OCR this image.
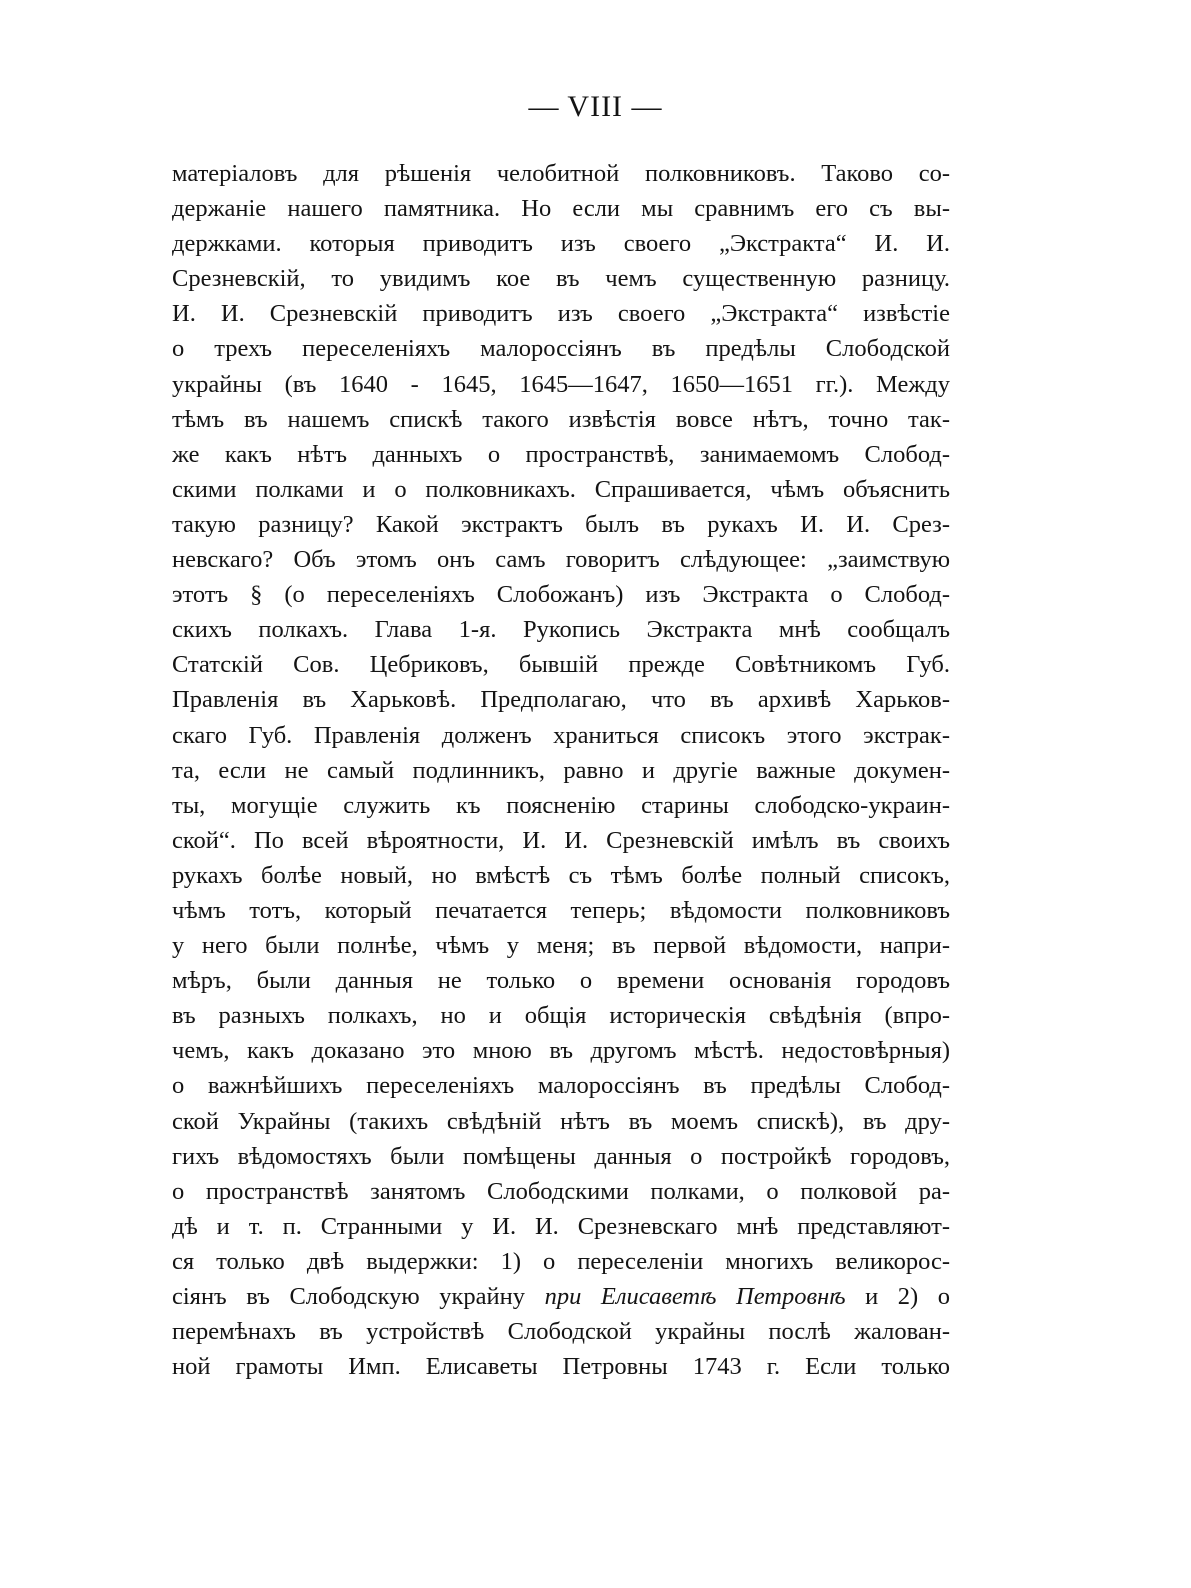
— VIII —
матеріаловъ для рѣшенія челобитной полковниковъ. Таково со-
держаніе нашего памятника. Но если мы сравнимъ его съ вы-
держками. которыя приводитъ изъ своего „Экстракта“ И. И.
Срезневскій, то увидимъ кое въ чемъ существенную разницу.
И. И. Срезневскій приводитъ изъ своего „Экстракта“ извѣстіе
о трехъ переселеніяхъ малороссіянъ въ предѣлы Слободской
украйны (въ 1640 - 1645, 1645—1647, 1650—1651 гг.). Между
тѣмъ въ нашемъ спискѣ такого извѣстія вовсе нѣтъ, точно так-
же какъ нѣтъ данныхъ о пространствѣ, занимаемомъ Слобод-
скими полками и о полковникахъ. Спрашивается, чѣмъ объяснить
такую разницу? Какой экстрактъ былъ въ рукахъ И. И. Срез-
невскаго? Объ этомъ онъ самъ говоритъ слѣдующее: „заимствую
этотъ § (о переселеніяхъ Слобожанъ) изъ Экстракта о Слобод-
скихъ полкахъ. Глава 1-я. Рукопись Экстракта мнѣ сообщалъ
Статскій Сов. Цебриковъ, бывшій прежде Совѣтникомъ Губ.
Правленія въ Харьковѣ. Предполагаю, что въ архивѣ Харьков-
скаго Губ. Правленія долженъ храниться списокъ этого экстрак-
та, если не самый подлинникъ, равно и другіе важные докумен-
ты, могущіе служить къ поясненію старины слободско-украин-
ской“. По всей вѣроятности, И. И. Срезневскій имѣлъ въ своихъ
рукахъ болѣе новый, но вмѣстѣ съ тѣмъ болѣе полный списокъ,
чѣмъ тотъ, который печатается теперь; вѣдомости полковниковъ
у него были полнѣе, чѣмъ у меня; въ первой вѣдомости, напри-
мѣръ, были данныя не только о времени основанія городовъ
въ разныхъ полкахъ, но и общія историческія свѣдѣнія (впро-
чемъ, какъ доказано это мною въ другомъ мѣстѣ. недостовѣрныя)
о важнѣйшихъ переселеніяхъ малороссіянъ въ предѣлы Слобод-
ской Украйны (такихъ свѣдѣній нѣтъ въ моемъ спискѣ), въ дру-
гихъ вѣдомостяхъ были помѣщены данныя о постройкѣ городовъ,
о пространствѣ занятомъ Слободскими полками, о полковой ра-
дѣ и т. п. Странными у И. И. Срезневскаго мнѣ представляют-
ся только двѣ выдержки: 1) о переселеніи многихъ великорос-
сіянъ въ Слободскую украйну при Елисаветѣ Петровнѣ и 2) о
перемѣнахъ въ устройствѣ Слободской украйны послѣ жалован-
ной грамоты Имп. Елисаветы Петровны 1743 г. Если только
